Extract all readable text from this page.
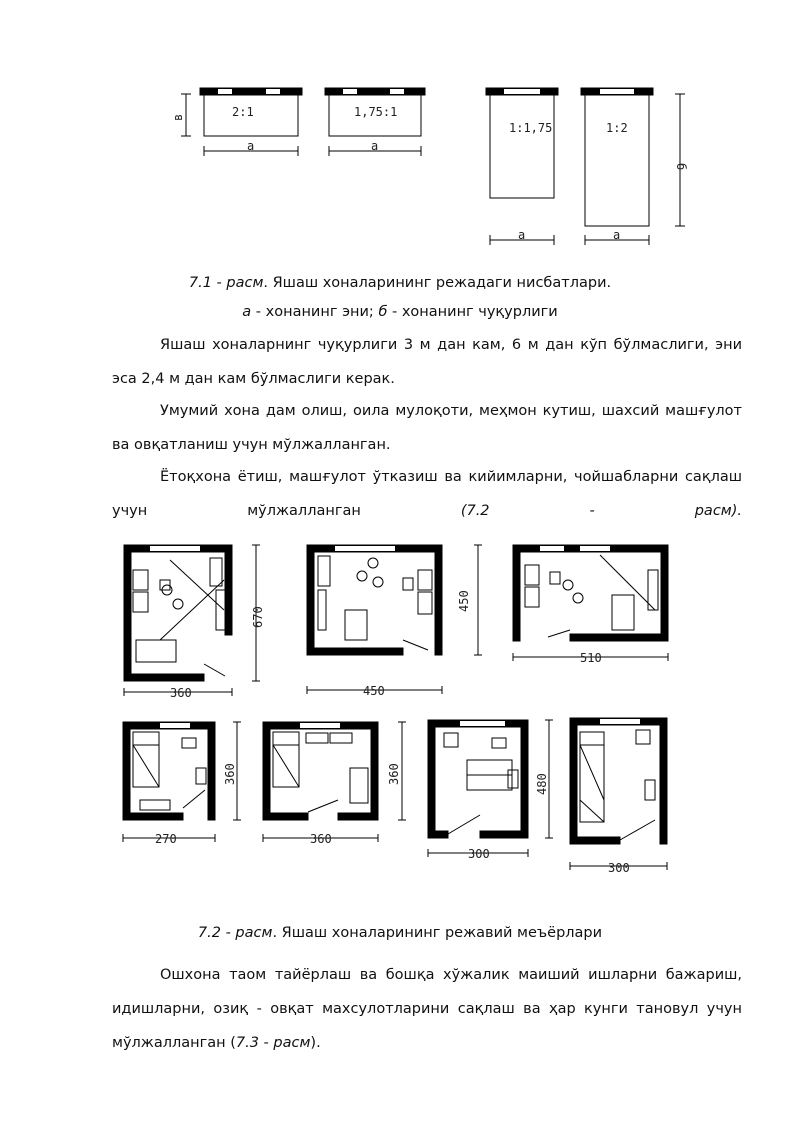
2:1	1,75:1
1:1,75	1:2
a	a
a	a
в
б
7.1 - расм. Яшаш хоналарининг режадаги нисбатлари.
а - хонанинг эни; б - хонанинг чуқурлиги
Яшаш хоналарнинг чуқурлиги 3 м дан кам, 6 м дан кўп бўлмаслиги, эни эса 2,4 м дан кам бўлмаслиги керак.
Умумий хона дам олиш, оила мулоқоти, меҳмон кутиш, шахсий машғулот ва овқатланиш учун мўлжалланган.
Ётоқхона ётиш, машғулот ўтказиш ва кийимларни, чойшабларни сақлаш учун мўлжалланган	(7.2 - расм).
670
360
450
450
510
270
360
360
360	480
300
300
7.2 - расм. Яшаш хоналарининг режавий меъёрлари
Ошхона таом тайёрлаш ва бошқа хўжалик маиший ишларни бажариш, идишларни, озиқ - овқат махсулотларини сақлаш ва ҳар кунги тановул учун мўлжалланган (7.3 - расм).
